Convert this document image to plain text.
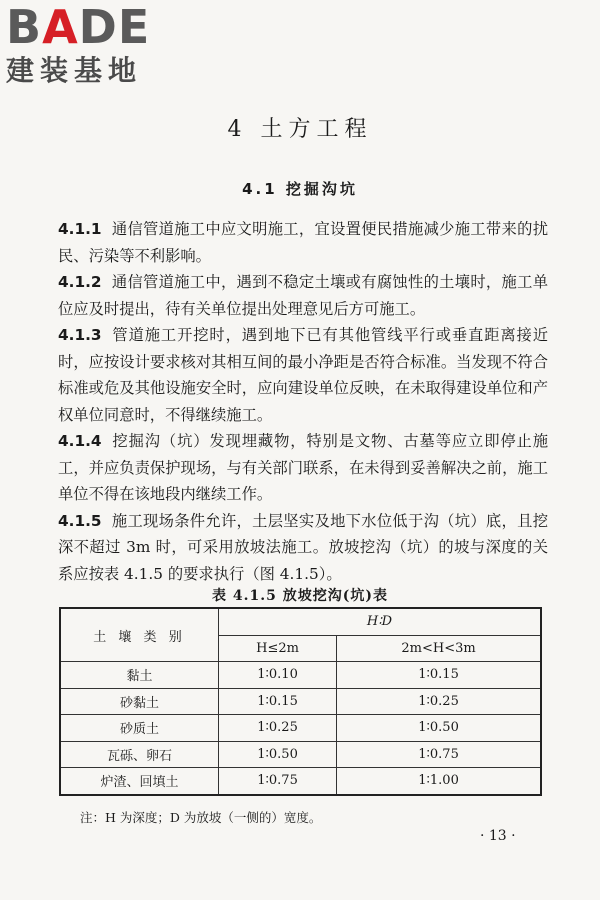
BADE
建装基地
4 土方工程
4.1 挖掘沟坑

4.1.1 通信管道施工中应文明施工，宜设置便民措施减少施工带来的扰民、污染等不利影响。

4.1.2 通信管道施工中，遇到不稳定土壤或有腐蚀性的土壤时，施工单位应及时提出，待有关单位提出处理意见后方可施工。

4.1.3 管道施工开挖时，遇到地下已有其他管线平行或垂直距离接近时，应按设计要求核对其相互间的最小净距是否符合标准。当发现不符合标准或危及其他设施安全时，应向建设单位反映，在未取得建设单位和产权单位同意时，不得继续施工。

4.1.4 挖掘沟（坑）发现埋藏物，特别是文物、古墓等应立即停止施工，并应负责保护现场，与有关部门联系，在未得到妥善解决之前，施工单位不得在该地段内继续工作。

4.1.5 施工现场条件允许，土层坚实及地下水位低于沟（坑）底，且挖深不超过 3m 时，可采用放坡法施工。放坡挖沟（坑）的坡与深度的关系应按表 4.1.5 的要求执行（图 4.1.5）。

表 4.1.5 放坡挖沟(坑)表
土 壤 类 别	H∶D	
	H≤2m	2m<H<3m
黏土	1∶0.10	1∶0.15
砂黏土	1∶0.15	1∶0.25
砂质土	1∶0.25	1∶0.50
瓦砾、卵石	1∶0.50	1∶0.75
炉渣、回填土	1∶0.75	1∶1.00
注：H 为深度；D 为放坡（一侧的）宽度。
· 13 ·
